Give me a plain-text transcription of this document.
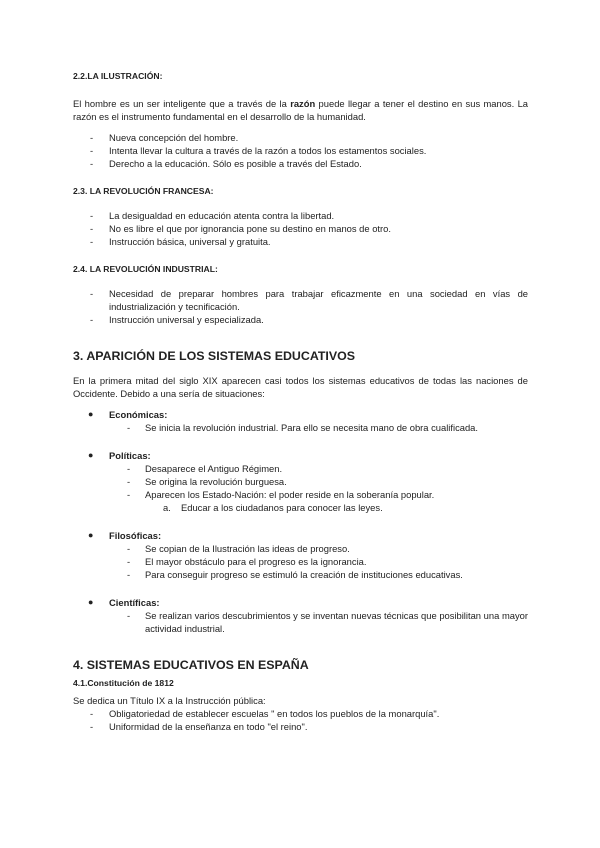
2.2.LA ILUSTRACIÓN:

El hombre es un ser inteligente que a través de la razón puede llegar a tener el destino en sus manos. La razón es el instrumento fundamental en el desarrollo de la humanidad.

- Nueva concepción del hombre.
- Intenta llevar la cultura a través de la razón a todos los estamentos sociales.
- Derecho a la educación. Sólo es posible a través del Estado.
2.3. LA REVOLUCIÓN FRANCESA:
- La desigualdad en educación atenta contra la libertad.
- No es libre el que por ignorancia pone su destino en manos de otro.
- Instrucción básica, universal y gratuita.
2.4. LA REVOLUCIÓN INDUSTRIAL:
- Necesidad de preparar hombres para trabajar eficazmente en una sociedad en vías de industrialización y tecnificación.
- Instrucción universal y especializada.
3. APARICIÓN DE LOS SISTEMAS EDUCATIVOS

En la primera mitad del siglo XIX aparecen casi todos los sistemas educativos de todas las naciones de Occidente. Debido a una sería de situaciones:

● Económicas:
- Se inicia la revolución industrial. Para ello se necesita mano de obra cualificada.
● Políticas:
- Desaparece el Antiguo Régimen.
- Se origina la revolución burguesa.
- Aparecen los Estado-Nación: el poder reside en la soberanía popular.
a. Educar a los ciudadanos para conocer las leyes.
● Filosóficas:
- Se copian de la Ilustración las ideas de progreso.
- El mayor obstáculo para el progreso es la ignorancia.
- Para conseguir progreso se estimuló la creación de instituciones educativas.
● Científicas:
- Se realizan varios descubrimientos y se inventan nuevas técnicas que posibilitan una mayor actividad industrial.
4. SISTEMAS EDUCATIVOS EN ESPAÑA
4.1.Constitución de 1812

Se dedica un Título IX a la Instrucción pública:

- Obligatoriedad de establecer escuelas " en todos los pueblos de la monarquía".
- Uniformidad de la enseñanza en todo "el reino".
